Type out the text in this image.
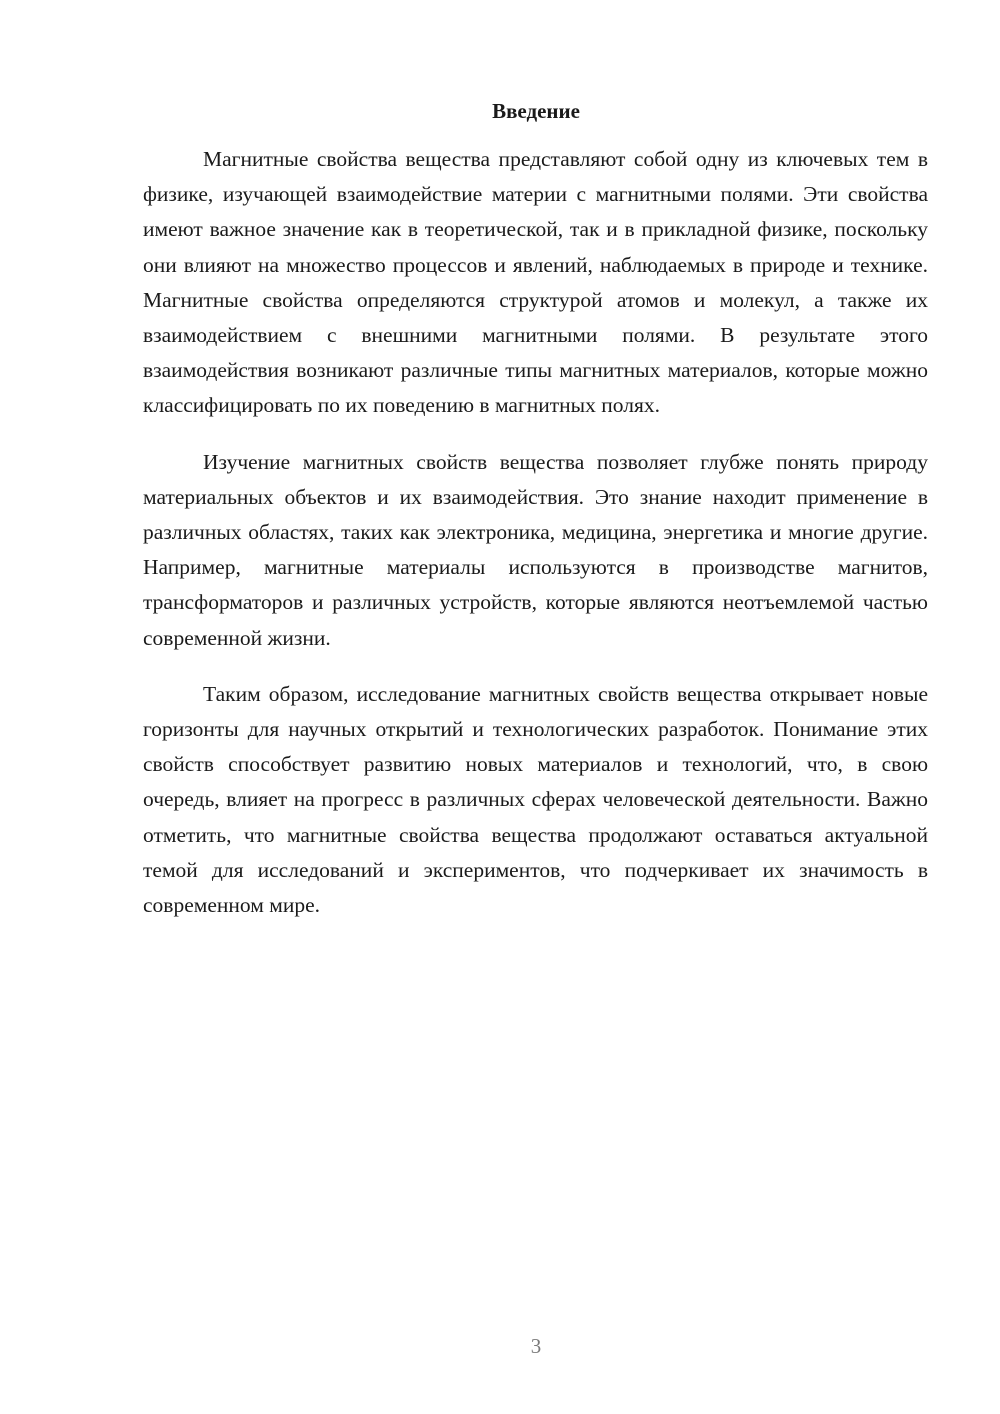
Введение

Магнитные свойства вещества представляют собой одну из ключевых тем в физике, изучающей взаимодействие материи с магнитными полями. Эти свойства имеют важное значение как в теоретической, так и в прикладной физике, поскольку они влияют на множество процессов и явлений, наблюдаемых в природе и технике. Магнитные свойства определяются структурой атомов и молекул, а также их взаимодействием с внешними магнитными полями. В результате этого взаимодействия возникают различные типы магнитных материалов, которые можно классифицировать по их поведению в магнитных полях.

Изучение магнитных свойств вещества позволяет глубже понять природу материальных объектов и их взаимодействия. Это знание находит применение в различных областях, таких как электроника, медицина, энергетика и многие другие. Например, магнитные материалы используются в производстве магнитов, трансформаторов и различных устройств, которые являются неотъемлемой частью современной жизни.

Таким образом, исследование магнитных свойств вещества открывает новые горизонты для научных открытий и технологических разработок. Понимание этих свойств способствует развитию новых материалов и технологий, что, в свою очередь, влияет на прогресс в различных сферах человеческой деятельности. Важно отметить, что магнитные свойства вещества продолжают оставаться актуальной темой для исследований и экспериментов, что подчеркивает их значимость в современном мире.

3
